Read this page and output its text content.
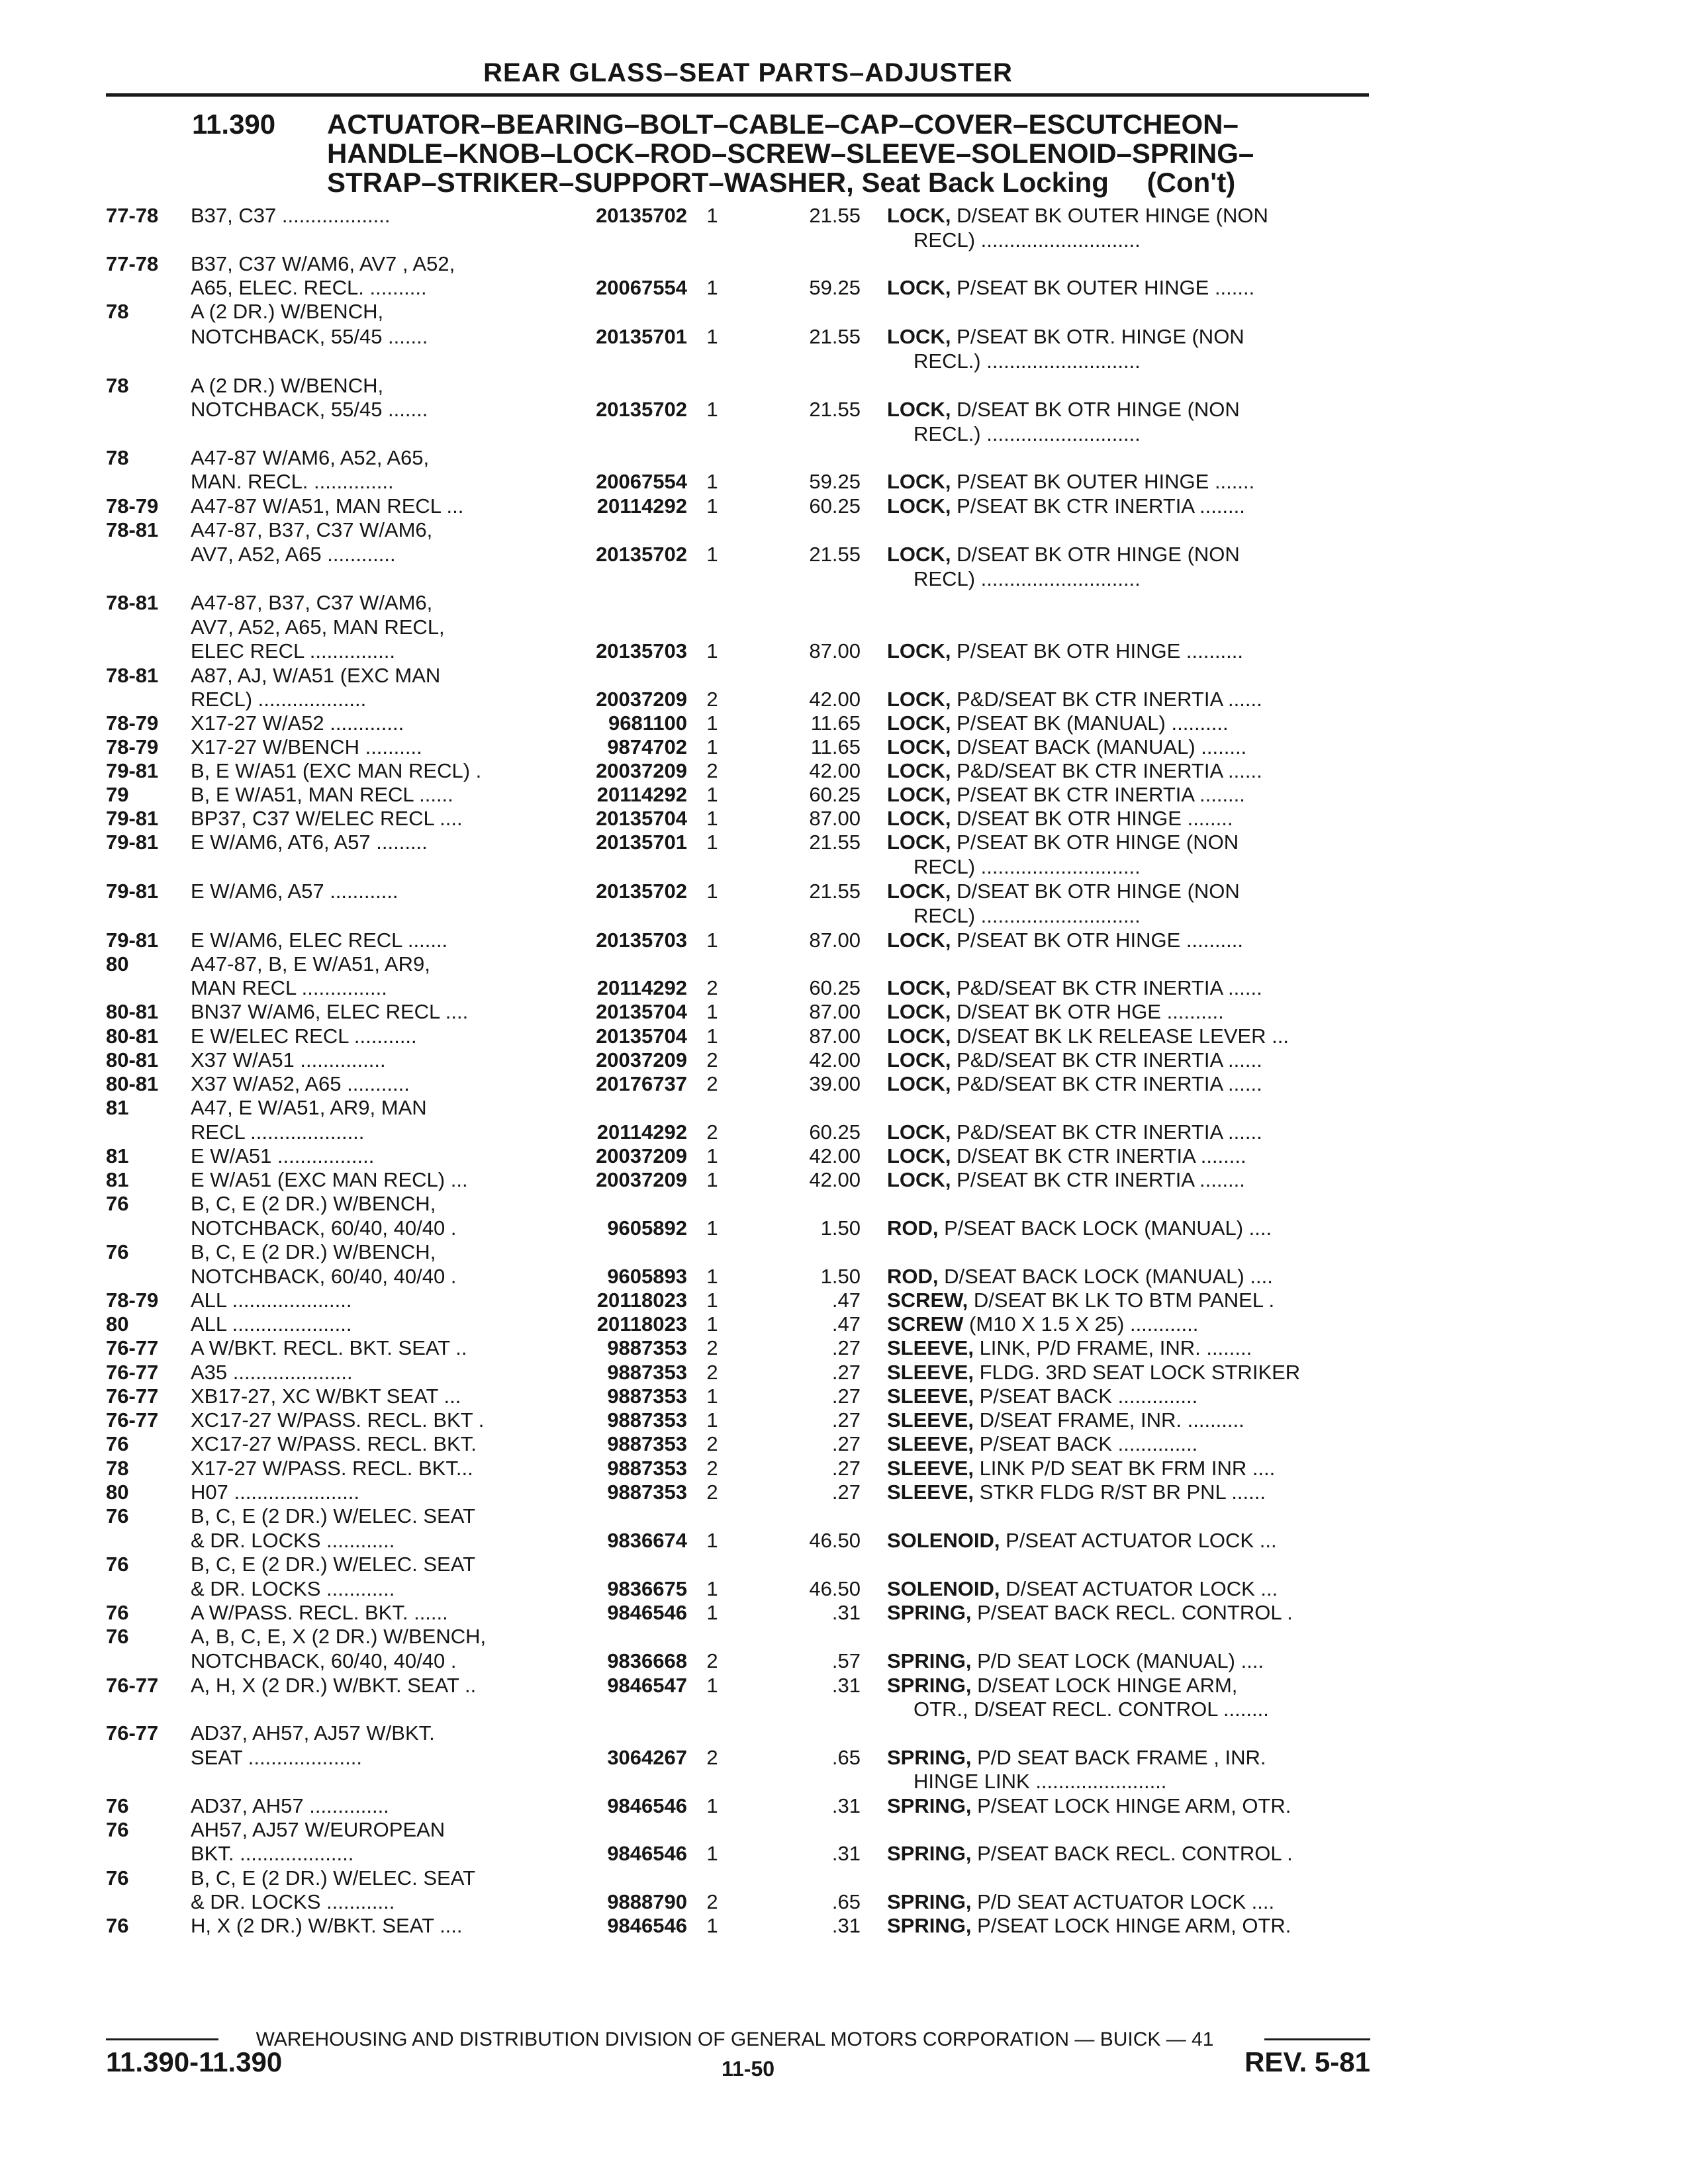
REAR GLASS–SEAT PARTS–ADJUSTER
11.390 ACTUATOR–BEARING–BOLT–CABLE–CAP–COVER–ESCUTCHEON–
HANDLE–KNOB–LOCK–ROD–SCREW–SLEEVE–SOLENOID–SPRING–
STRAP–STRIKER–SUPPORT–WASHER, Seat Back Locking (Con't)
77-78	B37, C37 ...................	20135702 1	21.55 LOCK, D/SEAT BK OUTER HINGE (NON
RECL) ............................
77-78	B37, C37 W/AM6, AV7 , A52,
A65, ELEC. RECL. ..........	20067554 1	59.25 LOCK, P/SEAT BK OUTER HINGE .......
78	A (2 DR.) W/BENCH,
NOTCHBACK, 55/45 .......	20135701 1	21.55 LOCK, P/SEAT BK OTR. HINGE (NON
RECL.) ...........................
78	A (2 DR.) W/BENCH,
NOTCHBACK, 55/45 .......	20135702 1	21.55 LOCK, D/SEAT BK OTR HINGE (NON
RECL.) ...........................
78	A47-87 W/AM6, A52, A65,
MAN. RECL. ..............	20067554 1	59.25 LOCK, P/SEAT BK OUTER HINGE .......
78-79	A47-87 W/A51, MAN RECL ...	20114292 1	60.25 LOCK, P/SEAT BK CTR INERTIA ........
78-81	A47-87, B37, C37 W/AM6,
AV7, A52, A65 ............	20135702 1	21.55 LOCK, D/SEAT BK OTR HINGE (NON
RECL) ............................
78-81	A47-87, B37, C37 W/AM6,
AV7, A52, A65, MAN RECL,
ELEC RECL ...............	20135703 1	87.00 LOCK, P/SEAT BK OTR HINGE ..........
78-81	A87, AJ, W/A51 (EXC MAN
RECL) ...................	20037209 2	42.00 LOCK, P&D/SEAT BK CTR INERTIA ......
78-79	X17-27 W/A52 .............	9681100 1	11.65 LOCK, P/SEAT BK (MANUAL) ..........
78-79	X17-27 W/BENCH ..........	9874702 1	11.65 LOCK, D/SEAT BACK (MANUAL) ........
79-81	B, E W/A51 (EXC MAN RECL) .	20037209 2	42.00 LOCK, P&D/SEAT BK CTR INERTIA ......
79	B, E W/A51, MAN RECL ......	20114292 1	60.25 LOCK, P/SEAT BK CTR INERTIA ........
79-81	BP37, C37 W/ELEC RECL ....	20135704 1	87.00 LOCK, D/SEAT BK OTR HINGE ........
79-81	E W/AM6, AT6, A57 .........	20135701 1	21.55 LOCK, P/SEAT BK OTR HINGE (NON
RECL) ............................
79-81	E W/AM6, A57 ............	20135702 1	21.55 LOCK, D/SEAT BK OTR HINGE (NON
RECL) ............................
79-81	E W/AM6, ELEC RECL .......	20135703 1	87.00 LOCK, P/SEAT BK OTR HINGE ..........
80	A47-87, B, E W/A51, AR9,
MAN RECL ...............	20114292 2	60.25 LOCK, P&D/SEAT BK CTR INERTIA ......
80-81	BN37 W/AM6, ELEC RECL ....	20135704 1	87.00 LOCK, D/SEAT BK OTR HGE ..........
80-81	E W/ELEC RECL ...........	20135704 1	87.00 LOCK, D/SEAT BK LK RELEASE LEVER ...
80-81	X37 W/A51 ...............	20037209 2	42.00 LOCK, P&D/SEAT BK CTR INERTIA ......
80-81	X37 W/A52, A65 ...........	20176737 2	39.00 LOCK, P&D/SEAT BK CTR INERTIA ......
81	A47, E W/A51, AR9, MAN
RECL ....................	20114292 2	60.25 LOCK, P&D/SEAT BK CTR INERTIA ......
81	E W/A51 .................	20037209 1	42.00 LOCK, D/SEAT BK CTR INERTIA ........
81	E W/A51 (EXC MAN RECL) ...	20037209 1	42.00 LOCK, P/SEAT BK CTR INERTIA ........
76	B, C, E (2 DR.) W/BENCH,
NOTCHBACK, 60/40, 40/40 .	9605892 1	1.50 ROD, P/SEAT BACK LOCK (MANUAL) ....
76	B, C, E (2 DR.) W/BENCH,
NOTCHBACK, 60/40, 40/40 .	9605893 1	1.50 ROD, D/SEAT BACK LOCK (MANUAL) ....
78-79	ALL .....................	20118023 1	.47 SCREW, D/SEAT BK LK TO BTM PANEL .
80	ALL .....................	20118023 1	.47 SCREW (M10 X 1.5 X 25) ............
76-77	A W/BKT. RECL. BKT. SEAT ..	9887353 2	.27 SLEEVE, LINK, P/D FRAME, INR. ........
76-77	A35 .....................	9887353 2	.27 SLEEVE, FLDG. 3RD SEAT LOCK STRIKER
76-77	XB17-27, XC W/BKT SEAT ...	9887353 1	.27 SLEEVE, P/SEAT BACK ..............
76-77	XC17-27 W/PASS. RECL. BKT .	9887353 1	.27 SLEEVE, D/SEAT FRAME, INR. ..........
76	XC17-27 W/PASS. RECL. BKT.	9887353 2	.27 SLEEVE, P/SEAT BACK ..............
78	X17-27 W/PASS. RECL. BKT...	9887353 2	.27 SLEEVE, LINK P/D SEAT BK FRM INR ....
80	H07 ......................	9887353 2	.27 SLEEVE, STKR FLDG R/ST BR PNL ......
76	B, C, E (2 DR.) W/ELEC. SEAT
& DR. LOCKS ............	9836674 1	46.50 SOLENOID, P/SEAT ACTUATOR LOCK ...
76	B, C, E (2 DR.) W/ELEC. SEAT
& DR. LOCKS ............	9836675 1	46.50 SOLENOID, D/SEAT ACTUATOR LOCK ...
76	A W/PASS. RECL. BKT. ......	9846546 1	.31 SPRING, P/SEAT BACK RECL. CONTROL .
76	A, B, C, E, X (2 DR.) W/BENCH,
NOTCHBACK, 60/40, 40/40 .	9836668 2	.57 SPRING, P/D SEAT LOCK (MANUAL) ....
76-77	A, H, X (2 DR.) W/BKT. SEAT ..	9846547 1	.31 SPRING, D/SEAT LOCK HINGE ARM,
OTR., D/SEAT RECL. CONTROL ........
76-77	AD37, AH57, AJ57 W/BKT.
SEAT ....................	3064267 2	.65 SPRING, P/D SEAT BACK FRAME , INR.
HINGE LINK .......................
76	AD37, AH57 ..............	9846546 1	.31 SPRING, P/SEAT LOCK HINGE ARM, OTR.
76	AH57, AJ57 W/EUROPEAN
BKT. ....................	9846546 1	.31 SPRING, P/SEAT BACK RECL. CONTROL .
76	B, C, E (2 DR.) W/ELEC. SEAT
& DR. LOCKS ............	9888790 2	.65 SPRING, P/D SEAT ACTUATOR LOCK ....
76	H, X (2 DR.) W/BKT. SEAT ....	9846546 1	.31 SPRING, P/SEAT LOCK HINGE ARM, OTR.
WAREHOUSING AND DISTRIBUTION DIVISION OF GENERAL MOTORS CORPORATION — BUICK — 41
11.390-11.390	11-50	REV. 5-81
